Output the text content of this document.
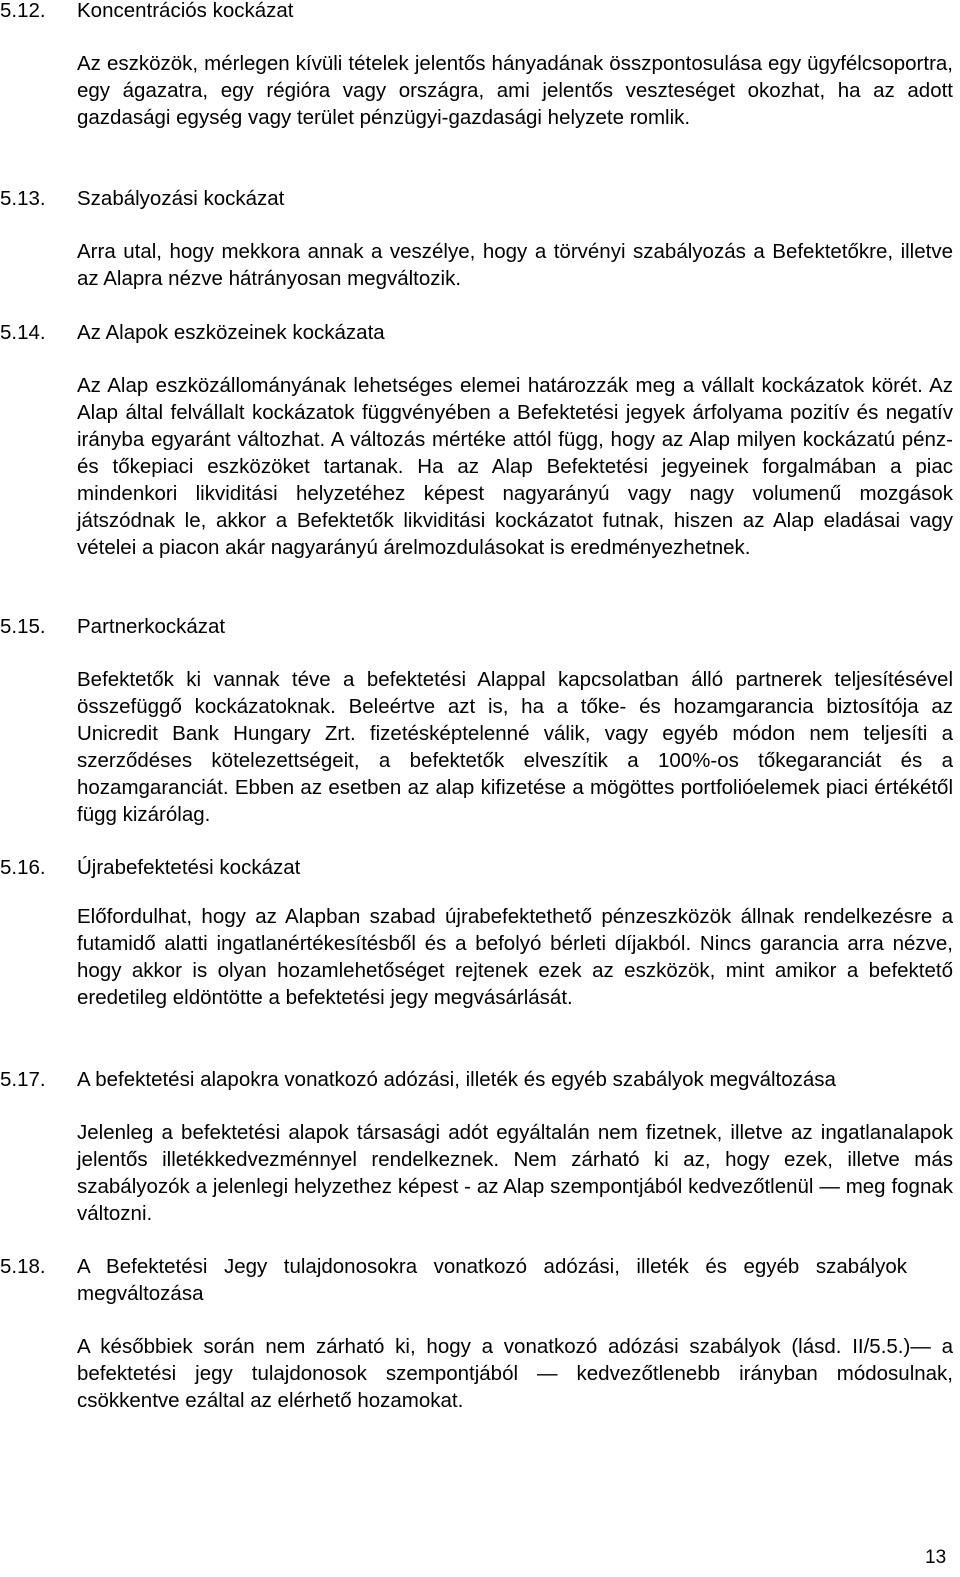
5.12. Koncentrációs kockázat

Az eszközök, mérlegen kívüli tételek jelentős hányadának összpontosulása egy ügyfélcsoportra, egy ágazatra, egy régióra vagy országra, ami jelentős veszteséget okozhat, ha az adott gazdasági egység vagy terület pénzügyi-gazdasági helyzete romlik.

5.13. Szabályozási kockázat

Arra utal, hogy mekkora annak a veszélye, hogy a törvényi szabályozás a Befektetőkre, illetve az Alapra nézve hátrányosan megváltozik.

5.14. Az Alapok eszközeinek kockázata

Az Alap eszközállományának lehetséges elemei határozzák meg a vállalt kockázatok körét. Az Alap által felvállalt kockázatok függvényében a Befektetési jegyek árfolyama pozitív és negatív irányba egyaránt változhat. A változás mértéke attól függ, hogy az Alap milyen kockázatú pénz- és tőkepiaci eszközöket tartanak. Ha az Alap Befektetési jegyeinek forgalmában a piac mindenkori likviditási helyzetéhez képest nagyarányú vagy nagy volumenű mozgások játszódnak le, akkor a Befektetők likviditási kockázatot futnak, hiszen az Alap eladásai vagy vételei a piacon akár nagyarányú árelmozdulásokat is eredményezhetnek.

5.15. Partnerkockázat

Befektetők ki vannak téve a befektetési Alappal kapcsolatban álló partnerek teljesítésével összefüggő kockázatoknak. Beleértve azt is, ha a tőke- és hozamgarancia biztosítója az Unicredit Bank Hungary Zrt. fizetésképtelenné válik, vagy egyéb módon nem teljesíti a szerződéses kötelezettségeit, a befektetők elveszítik a 100%-os tőkegaranciát és a hozamgaranciát. Ebben az esetben az alap kifizetése a mögöttes portfolióelemek piaci értékétől függ kizárólag.

5.16. Újrabefektetési kockázat

Előfordulhat, hogy az Alapban szabad újrabefektethető pénzeszközök állnak rendelkezésre a futamidő alatti ingatlanértékesítésből és a befolyó bérleti díjakból. Nincs garancia arra nézve, hogy akkor is olyan hozamlehetőséget rejtenek ezek az eszközök, mint amikor a befektető eredetileg eldöntötte a befektetési jegy megvásárlását.

5.17. A befektetési alapokra vonatkozó adózási, illeték és egyéb szabályok megváltozása

Jelenleg a befektetési alapok társasági adót egyáltalán nem fizetnek, illetve az ingatlanalapok jelentős illetékkedvezménnyel rendelkeznek. Nem zárható ki az, hogy ezek, illetve más szabályozók a jelenlegi helyzethez képest - az Alap szempontjából kedvezőtlenül — meg fognak változni.

5.18. A Befektetési Jegy tulajdonosokra vonatkozó adózási, illeték és egyéb szabályok megváltozása

A későbbiek során nem zárható ki, hogy a vonatkozó adózási szabályok (lásd. II/5.5.)— a befektetési jegy tulajdonosok szempontjából — kedvezőtlenebb irányban módosulnak, csökkentve ezáltal az elérhető hozamokat.

13
